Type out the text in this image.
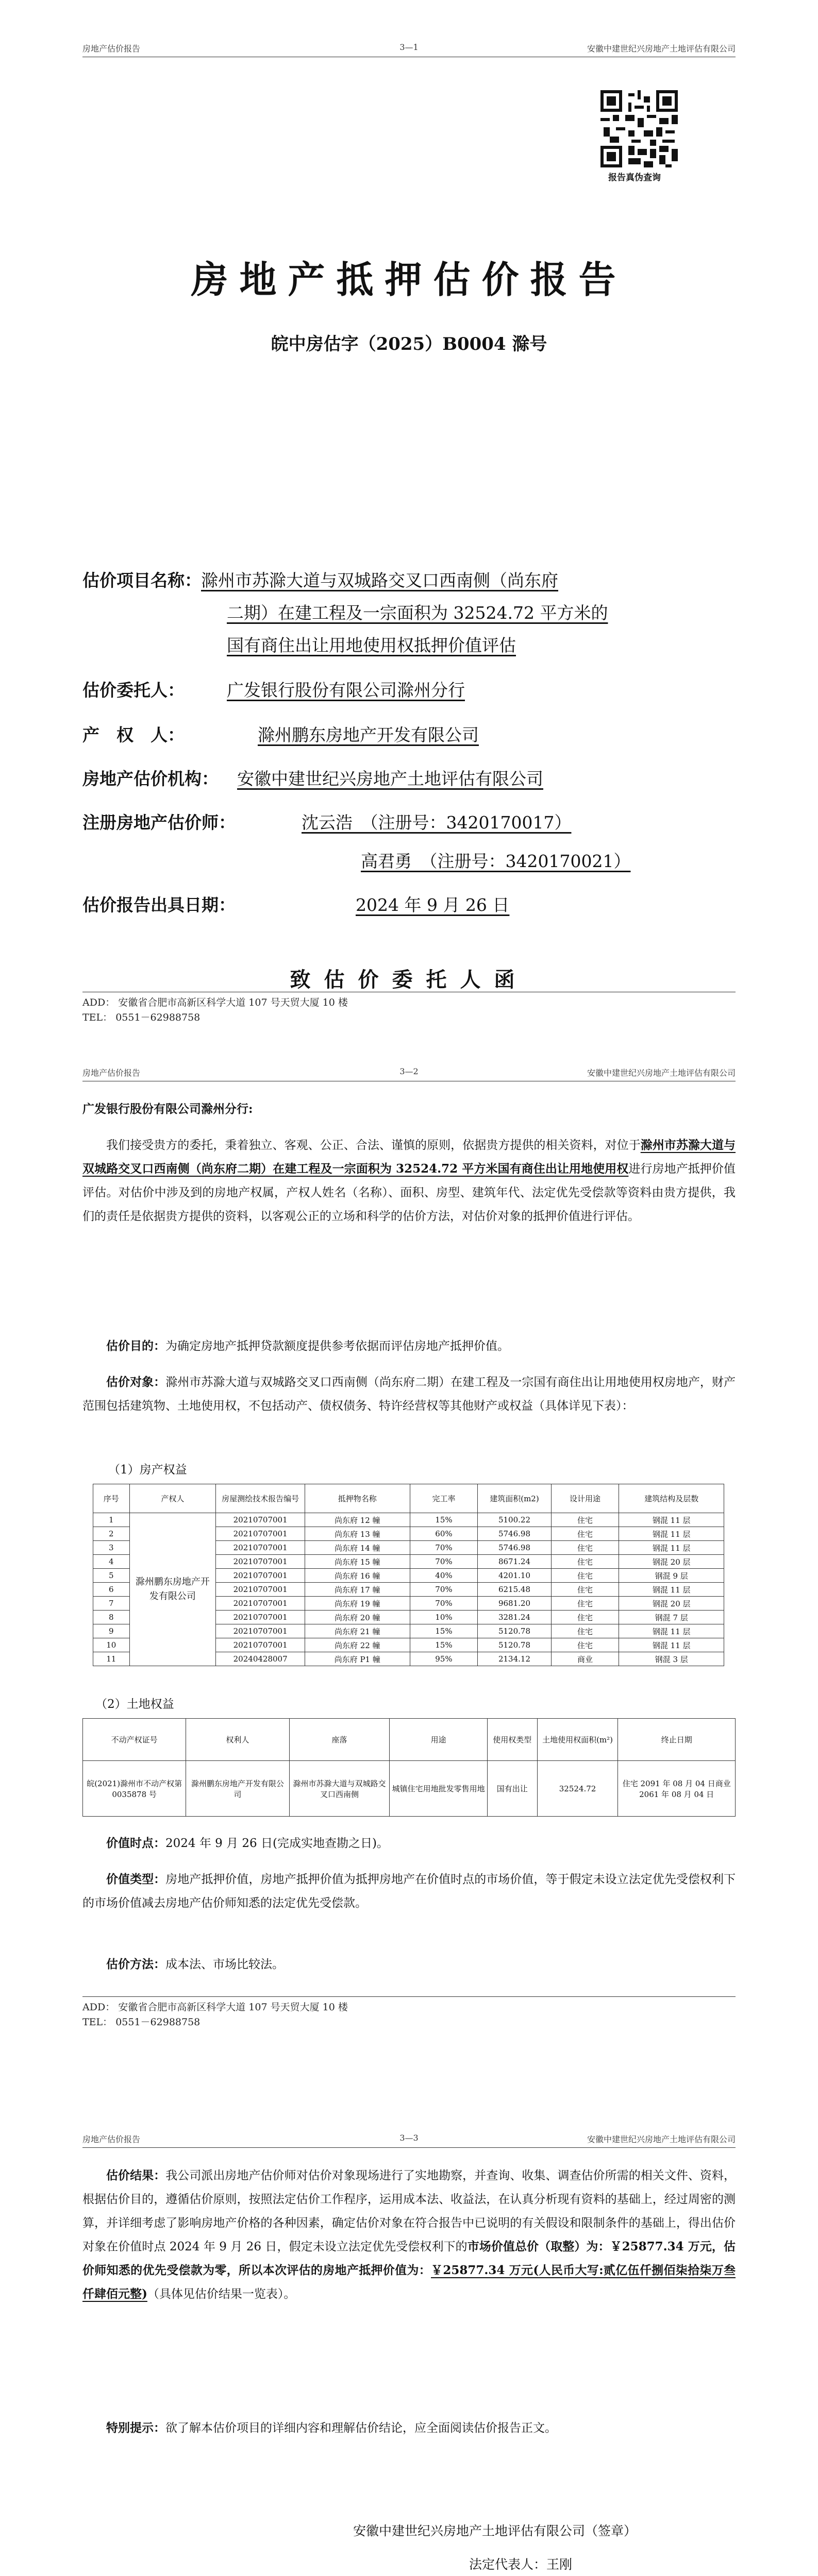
房地产估价报告	3—1	安徽中建世纪兴房地产土地评估有限公司
报告真伪查询
房地产抵押估价报告
皖中房估字（2025）B0004 滁号
估价项目名称： 滁州市苏滁大道与双城路交叉口西南侧（尚东府
二期）在建工程及一宗面积为 32524.72 平方米的
国有商住出让用地使用权抵押价值评估
估价委托人： 广发银行股份有限公司滁州分行
产　权　人：	滁州鹏东房地产开发有限公司
房地产估价机构： 安徽中建世纪兴房地产土地评估有限公司
注册房地产估价师：	沈云浩　（注册号：3420170017）
高君勇　（注册号：3420170021）
估价报告出具日期：	2024 年 9 月 26 日
致估价委托人函
ADD： 安徽省合肥市高新区科学大道 107 号天贸大厦 10 楼
TEL： 0551－62988758
房地产估价报告	3—2	安徽中建世纪兴房地产土地评估有限公司
广发银行股份有限公司滁州分行:
我们接受贵方的委托，秉着独立、客观、公正、合法、谨慎的原则，依据贵方提供的相关资料，对位于滁州市苏滁大道与双城路交叉口西南侧（尚东府二期）在建工程及一宗面积为 32524.72 平方米国有商住出让用地使用权进行房地产抵押价值评估。对估价中涉及到的房地产权属，产权人姓名（名称）、面积、房型、建筑年代、法定优先受偿款等资料由贵方提供，我们的责任是依据贵方提供的资料，以客观公正的立场和科学的估价方法，对估价对象的抵押价值进行评估。
估价目的：为确定房地产抵押贷款额度提供参考依据而评估房地产抵押价值。
估价对象：滁州市苏滁大道与双城路交叉口西南侧（尚东府二期）在建工程及一宗国有商住出让用地使用权房地产，财产范围包括建筑物、土地使用权，不包括动产、债权债务、特许经营权等其他财产或权益（具体详见下表）：
（1）房产权益
序号	产权人	房屋测绘技术报告编号	抵押物名称	完工率	建筑面积(m2)	设计用途	建筑结构及层数
1	滁州鹏东房地产开发有限公司	20210707001	尚东府 12 幢	15%	5100.22	住宅	钢混 11 层
2		20210707001	尚东府 13 幢	60%	5746.98	住宅	钢混 11 层
3		20210707001	尚东府 14 幢	70%	5746.98	住宅	钢混 11 层
4		20210707001	尚东府 15 幢	70%	8671.24	住宅	钢混 20 层
5		20210707001	尚东府 16 幢	40%	4201.10	住宅	钢混 9 层
6		20210707001	尚东府 17 幢	70%	6215.48	住宅	钢混 11 层
7		20210707001	尚东府 19 幢	70%	9681.20	住宅	钢混 20 层
8		20210707001	尚东府 20 幢	10%	3281.24	住宅	钢混 7 层
9		20210707001	尚东府 21 幢	15%	5120.78	住宅	钢混 11 层
10		20210707001	尚东府 22 幢	15%	5120.78	住宅	钢混 11 层
11		20240428007	尚东府 P1 幢	95%	2134.12	商业	钢混 3 层
（2）土地权益
不动产权证号	权利人	座落	用途	使用权类型	土地使用权面积(m²)	终止日期
皖(2021)滁州市不动产权第 0035878 号	滁州鹏东房地产开发有限公司	滁州市苏滁大道与双城路交叉口西南侧	城镇住宅用地批发零售用地	国有出让	32524.72	住宅 2091 年 08 月 04 日商业 2061 年 08 月 04 日
价值时点：2024 年 9 月 26 日(完成实地查勘之日)。
价值类型：房地产抵押价值，房地产抵押价值为抵押房地产在价值时点的市场价值，等于假定未设立法定优先受偿权利下的市场价值减去房地产估价师知悉的法定优先受偿款。
估价方法：成本法、市场比较法。
ADD： 安徽省合肥市高新区科学大道 107 号天贸大厦 10 楼
TEL： 0551－62988758
房地产估价报告	3—3	安徽中建世纪兴房地产土地评估有限公司
估价结果：我公司派出房地产估价师对估价对象现场进行了实地勘察，并查询、收集、调查估价所需的相关文件、资料，根据估价目的，遵循估价原则，按照法定估价工作程序，运用成本法、收益法，在认真分析现有资料的基础上，经过周密的测算，并详细考虑了影响房地产价格的各种因素，确定估价对象在符合报告中已说明的有关假设和限制条件的基础上，得出估价对象在价值时点 2024 年 9 月 26 日，假定未设立法定优先受偿权利下的市场价值总价（取整）为：￥25877.34 万元，估价师知悉的优先受偿款为零，所以本次评估的房地产抵押价值为：￥25877.34 万元(人民币大写:贰亿伍仟捌佰柒拾柒万叁仟肆佰元整)（具体见估价结果一览表）。
特别提示：欲了解本估价项目的详细内容和理解估价结论，应全面阅读估价报告正文。
安徽中建世纪兴房地产土地评估有限公司（签章）
法定代表人：王刚
